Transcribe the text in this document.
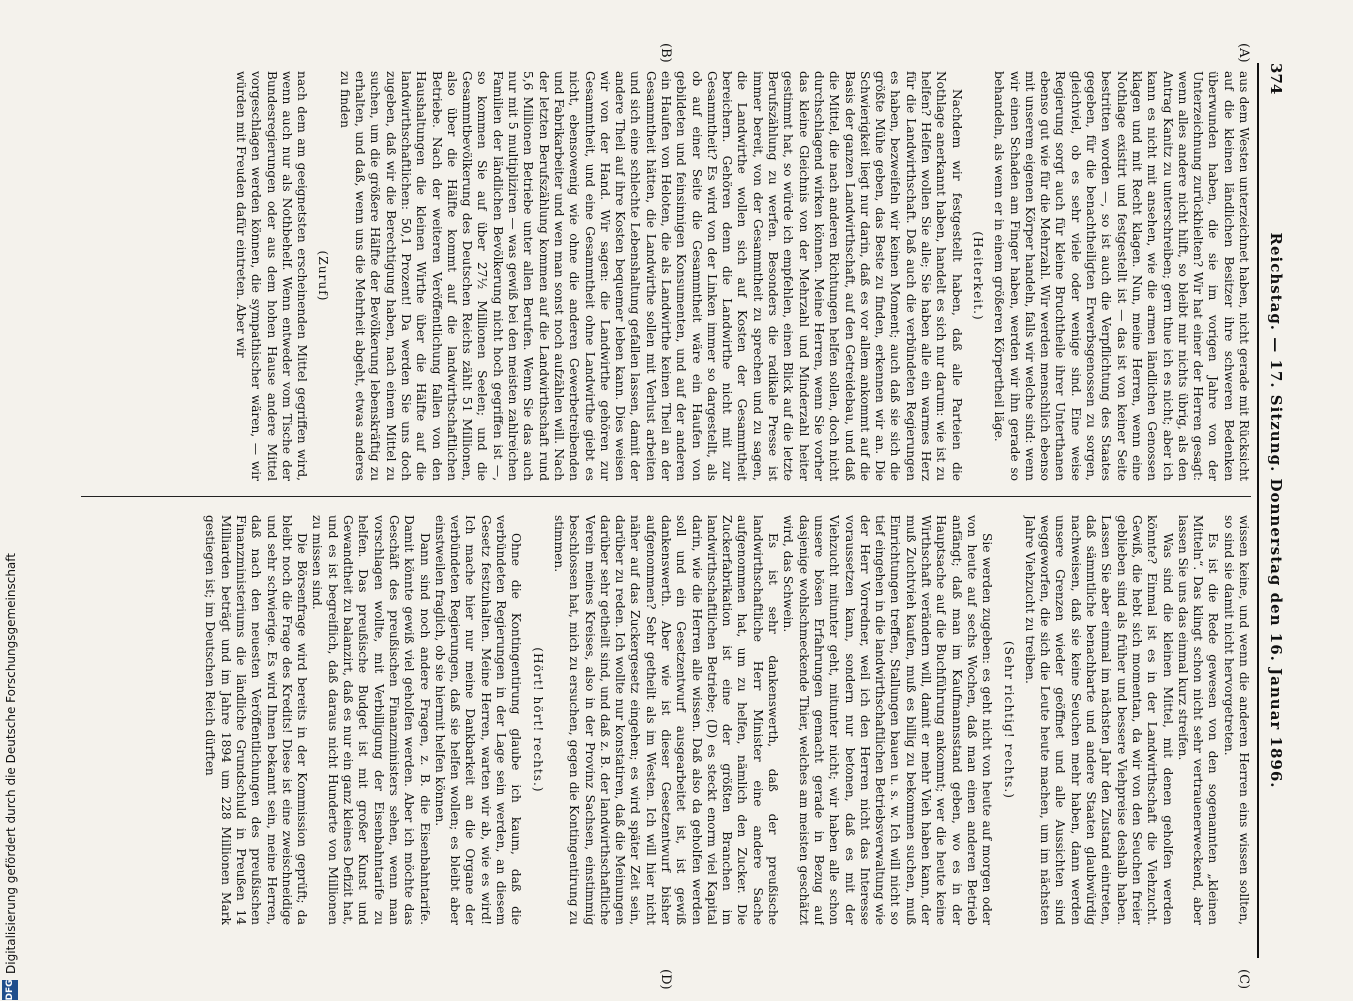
374
Reichstag. — 17. Sitzung. Donnerstag den 16. Januar 1896.
(A)
(B)
(C)
(D)

aus dem Westen unterzeichnet haben, nicht gerade mit Rücksicht auf die kleinen ländlichen Besitzer ihre schweren Bedenken überwunden haben, die sie im vorigen Jahre von der Unterzeichnung zurückhielten? Wir hat einer der Herren gesagt: wenn alles andere nicht hilft, so bleibt mir nichts übrig, als den Antrag Kanitz zu unterschreiben; gern thue ich es nicht; aber ich kann es nicht mit ansehen, wie die armen ländlichen Genossen klagen und mit Recht klagen. Nun, meine Herren, wenn eine Nothlage existirt und festgestellt ist — das ist von keiner Seite bestritten worden —, so ist auch die Verpflichtung des Staates gegeben, für die benachtheiligten Erwerbsgenossen zu sorgen, gleichviel, ob es sehr viele oder wenige sind. Eine weise Regierung sorgt auch für kleine Bruchtheile ihrer Unterthanen ebenso gut wie für die Mehrzahl. Wir werden menschlich ebenso mit unserem eigenen Körper handeln, falls wir welche sind: wenn wir einen Schaden am Finger haben, werden wir ihn gerade so behandeln, als wenn er in einem größeren Körpertheil läge.

(Heiterkeit.)

Nachdem wir festgestellt haben, daß alle Parteien die Nothlage anerkannt haben, handelt es sich nur darum: wie ist zu helfen? Helfen wollen Sie alle; Sie haben alle ein warmes Herz für die Landwirthschaft. Daß auch die verbündeten Regierungen es haben, bezweifeln wir keinen Moment; auch daß sie sich die größte Mühe geben, das Beste zu finden, erkennen wir an. Die Schwierigkeit liegt nur darin, daß es vor allem ankommt auf die Basis der ganzen Landwirthschaft, auf den Getreidebau, und daß die Mittel, die nach anderen Richtungen helfen sollen, doch nicht durchschlagend wirken können. Meine Herren, wenn Sie vorher das kleine Gleichnis von der Mehrzahl und Minderzahl heiter gestimmt hat, so würde ich empfehlen, einen Blick auf die letzte Berufszählung zu werfen. Besonders die radikale Presse ist immer bereit, von der Gesammtheit zu sprechen und zu sagen, die Landwirthe wollen sich auf Kosten der Gesammtheit bereichern. Gehören denn die Landwirthe nicht mit zur Gesammtheit? Es wird von der Linken immer so dargestellt, als ob auf einer Seite die Gesammtheit wäre ein Haufen von gebildeten und feinsinnigen Konsumenten, und auf der anderen ein Haufen von Heloten, die als Landwirthe keinen Theil an der Gesammtheit hätten, die Landwirthe sollen mit Verlust arbeiten und sich eine schlechte Lebenshaltung gefallen lassen, damit der andere Theil auf ihre Kosten bequemer leben kann. Dies weisen wir von der Hand. Wir sagen: die Landwirthe gehören zur Gesammtheit, und eine Gesammtheit ohne Landwirthe giebt es nicht, ebensowenig wie ohne die anderen Gewerbetreibenden und Fabrikarbeiter und wen man sonst noch aufzählen will. Nach der letzten Berufszählung kommen auf die Landwirthschaft rund 5,6 Millionen Betriebe unter allen Berufen. Wenn Sie das auch nur mit 5 multipliziren — was gewiß bei den meisten zahlreichen Familien der ländlichen Bevölkerung nicht hoch gegriffen ist —, so kommen Sie auf über 27½ Millionen Seelen; und die Gesammtbevölkerung des Deutschen Reichs zählt 51 Millionen, also über die Hälfte kommt auf die landwirthschaftlichen Betriebe. Nach der weiteren Veröffentlichung fallen von den Haushaltungen die kleinen Wirthe über die Hälfte auf die landwirthschaftlichen: 50,1 Prozent! Da werden Sie uns doch zugeben, daß wir die Berechtigung haben, nach einem Mittel zu suchen, um die größere Hälfte der Bevölkerung lebenskräftig zu erhalten, und daß, wenn uns die Mehrheit abgeht, etwas anderes zu finden

(Zuruf)

nach dem am geeignetsten erscheinenden Mittel gegriffen wird, wenn auch nur als Nothbehelf. Wenn entweder vom Tische der Bundesregierungen oder aus dem hohen Hause andere Mittel vorgeschlagen werden können, die sympathischer wären, — wir würden mit Freuden dafür eintreten. Aber wir

wissen keine, und wenn die anderen Herren eins wissen sollten, so sind sie damit nicht hervorgetreten.

Es ist die Rede gewesen von den sogenannten „kleinen Mitteln“. Das klingt schon nicht sehr vertrauenerweckend, aber lassen Sie uns das einmal kurz streifen.

Was sind die kleinen Mittel, mit denen geholfen werden könnte? Einmal ist es in der Landwirthschaft die Viehzucht. Gewiß, die hebt sich momentan, da wir von den Seuchen freier geblieben sind als früher und bessere Viehpreise deshalb haben. Lassen Sie aber einmal im nächsten Jahr den Zustand eintreten, daß sämmtliche benachbarte und andere Staaten glaubwürdig nachweisen, daß sie keine Seuchen mehr haben, dann werden unsere Grenzen wieder geöffnet und alle Aussichten sind weggeworfen, die sich die Leute heute machen, um im nächsten Jahre Viehzucht zu treiben.

(Sehr richtig! rechts.)

Sie werden zugeben: es geht nicht von heute auf morgen oder von heute auf sechs Wochen, daß man einen anderen Betrieb anfängt; daß man im Kaufmannsstand geben, wo es in der Hauptsache auf die Buchführung ankommt; wer die heute keine Wirthschaft verändern will, damit er mehr Vieh haben kann, der muß Zuchtvieh kaufen, muß es billig zu bekommen suchen, muß Einrichtungen treffen, Stallungen bauen u. s. w. Ich will nicht so tief eingehen in die landwirthschaftlichen Betriebsverwaltung wie der Herr Vorredner, weil ich den Herren nicht das Interesse voraussetzen kann, sondern nur betonen, daß es mit der Viehzucht mitunter geht, mitunter nicht; wir haben alle schon unsere bösen Erfahrungen gemacht gerade in Bezug auf dasjenige wohlschmeckende Thier, welches am meisten geschätzt wird, das Schwein.

Es ist sehr dankenswerth, daß der preußische landwirthschaftliche Herr Minister eine andere Sache aufgenommen hat, um zu helfen, nämlich den Zucker. Die Zuckerfabrikation ist eine der größten Branchen im landwirthschaftlichen Betriebe; (D) es steckt enorm viel Kapital darin, wie die Herren alle wissen. Daß also da geholfen werden soll und ein Gesetzentwurf ausgearbeitet ist, ist gewiß dankenswerth. Aber wie ist dieser Gesetzentwurf bisher aufgenommen? Sehr getheilt als im Westen. Ich will hier nicht näher auf das Zuckergesetz eingehen; es wird später Zeit sein, darüber zu reden. Ich wollte nur konstatiren, daß die Meinungen darüber sehr getheilt sind, und daß z. B. der landwirthschaftliche Verein meines Kreises, also in der Provinz Sachsen, einstimmig beschlossen hat, mich zu ersuchen, gegen die Kontingentirung zu stimmen.

(Hört! hört! rechts.)

Ohne die Kontingentirung glaube ich kaum, daß die verbündeten Regierungen in der Lage sein werden, an diesem Gesetz festzuhalten. Meine Herren, warten wir ab, wie es wird! Ich mache hier nur meine Dankbarkeit an die Organe der verbündeten Regierungen, daß sie helfen wollen; es bleibt aber einstweilen fraglich, ob sie hiermit helfen können.

Dann sind noch andere Fragen, z. B. die Eisenbahntarife. Damit könnte gewiß viel geholfen werden. Aber ich möchte das Geschäft des preußischen Finanzministers sehen, wenn man vorschlagen wollte, mit Verbilligung der Eisenbahntarife zu helfen. Das preußische Budget ist mit großer Kunst und Gewandtheit zu balanzirt, daß es nur ein ganz kleines Defizit hat, und es ist begreiflich, daß daraus nicht Hunderte von Millionen zu missen sind.

Die Börsenfrage wird bereits in der Kommission geprüft; da bleibt noch die Frage des Kredits! Diese ist eine zweischneidige und sehr schwierige. Es wird Ihnen bekannt sein, meine Herren, daß nach den neuesten Veröffentlichungen des preußischen Finanzministeriums die ländliche Grundschuld in Preußen 14 Milliarden beträgt und im Jahre 1894 um 228 Millionen Mark gestiegen ist; im Deutschen Reich dürften

DFG
Digitalisierung gefördert durch die Deutsche Forschungsgemeinschaft
